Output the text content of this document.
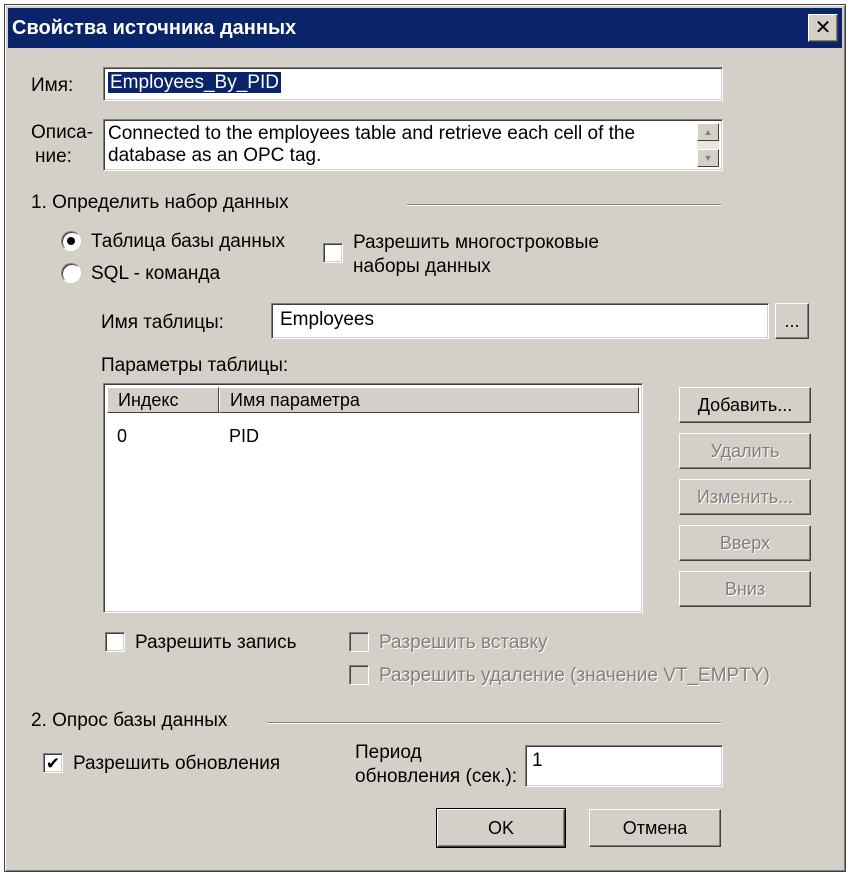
Свойства источника данных	✕
Имя:	Employees_By_PID
Описа-
ние:
Connected to the employees table and retrieve each cell of the
database as an OPC tag.
▲
▼
1. Определить набор данных
Таблица базы данных
SQL - команда
Разрешить многостроковые
наборы данных
Имя таблицы:	Employees	...
Параметры таблицы:
Индекс	Имя параметра
0	PID
Добавить...
Удалить
Изменить...
Вверх
Вниз
Разрешить запись	Разрешить вставку
Разрешить удаление (значение VT_EMPTY)
2. Опрос базы данных
✔ Разрешить обновления
Период
обновления (сек.):
1
OK	Отмена
